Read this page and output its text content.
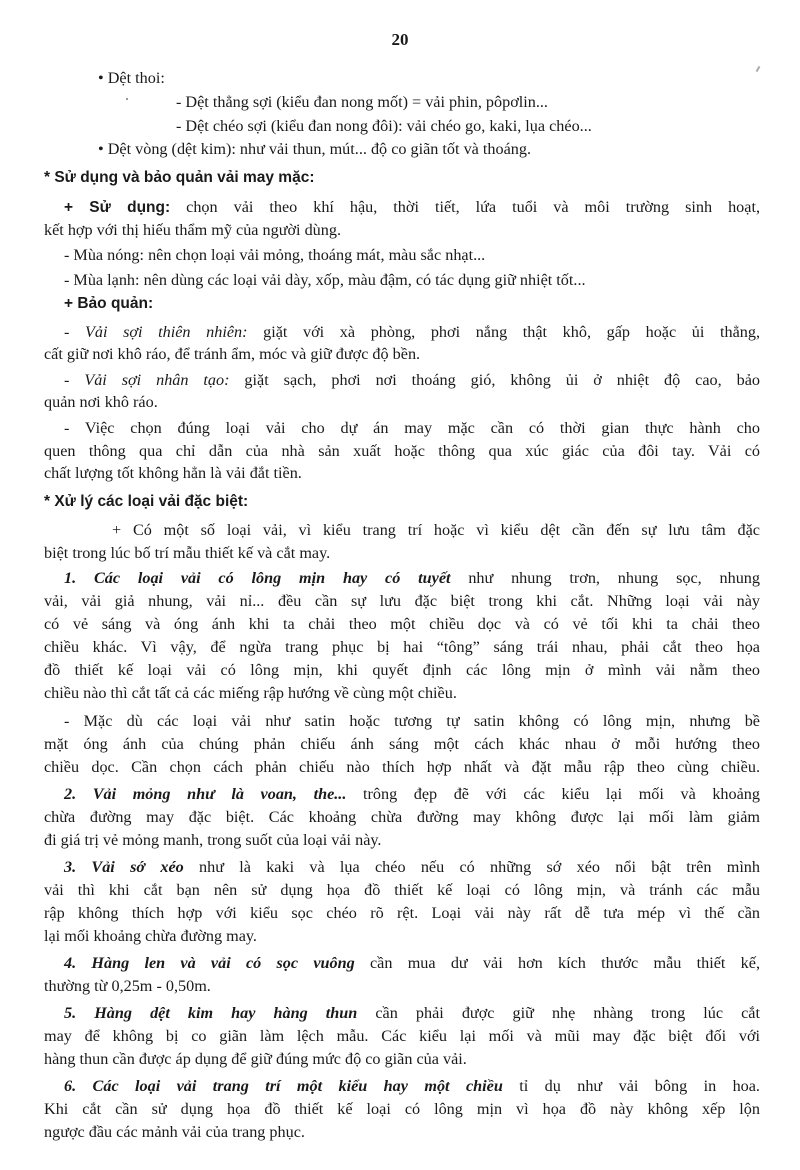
20
• Dệt thoi:
- Dệt thẳng sợi (kiểu đan nong mốt) = vải phin, pôpơlin...
- Dệt chéo sợi (kiểu đan nong đôi): vải chéo go, kaki, lụa chéo...
• Dệt vòng (dệt kim): như vải thun, mút... độ co giãn tốt và thoáng.
* Sử dụng và bảo quản vải may mặc:
+ Sử dụng: chọn vải theo khí hậu, thời tiết, lứa tuổi và môi trường sinh hoạt,
kết hợp với thị hiếu thẩm mỹ của người dùng.
- Mùa nóng: nên chọn loại vải mỏng, thoáng mát, màu sắc nhạt...
- Mùa lạnh: nên dùng các loại vải dày, xốp, màu đậm, có tác dụng giữ nhiệt tốt...
+ Bảo quản:
- Vải sợi thiên nhiên: giặt với xà phòng, phơi nắng thật khô, gấp hoặc ủi thẳng,
cất giữ nơi khô ráo, để tránh ẩm, móc và giữ được độ bền.
- Vải sợi nhân tạo: giặt sạch, phơi nơi thoáng gió, không ủi ở nhiệt độ cao, bảo
quản nơi khô ráo.
- Việc chọn đúng loại vải cho dự án may mặc cần có thời gian thực hành cho
quen thông qua chỉ dẫn của nhà sản xuất hoặc thông qua xúc giác của đôi tay. Vải có
chất lượng tốt không hẳn là vải đắt tiền.
* Xử lý các loại vải đặc biệt:
+ Có một số loại vải, vì kiểu trang trí hoặc vì kiểu dệt cần đến sự lưu tâm đặc
biệt trong lúc bố trí mẫu thiết kế và cắt may.
1. Các loại vải có lông mịn hay có tuyết như nhung trơn, nhung sọc, nhung
vải, vải giả nhung, vải nỉ... đều cần sự lưu đặc biệt trong khi cắt. Những loại vải này
có vẻ sáng và óng ánh khi ta chải theo một chiều dọc và có vẻ tối khi ta chải theo
chiều khác. Vì vậy, để ngừa trang phục bị hai “tông” sáng trái nhau, phải cắt theo họa
đồ thiết kế loại vải có lông mịn, khi quyết định các lông mịn ở mình vải nằm theo
chiều nào thì cắt tất cả các miếng rập hướng về cùng một chiều.
- Mặc dù các loại vải như satin hoặc tương tự satin không có lông mịn, nhưng bề
mặt óng ánh của chúng phản chiếu ánh sáng một cách khác nhau ở mỗi hướng theo
chiều dọc. Cần chọn cách phản chiếu nào thích hợp nhất và đặt mẫu rập theo cùng chiều.
2. Vải mỏng như là voan, the... trông đẹp đẽ với các kiểu lại mối và khoảng
chừa đường may đặc biệt. Các khoảng chừa đường may không được lại mối làm giảm
đi giá trị vẻ mỏng manh, trong suốt của loại vải này.
3. Vải sớ xéo như là kaki và lụa chéo nếu có những sớ xéo nổi bật trên mình
vải thì khi cắt bạn nên sử dụng họa đồ thiết kế loại có lông mịn, và tránh các mẫu
rập không thích hợp với kiểu sọc chéo rõ rệt. Loại vải này rất dễ tưa mép vì thế cần
lại mối khoảng chừa đường may.
4. Hàng len và vải có sọc vuông cần mua dư vải hơn kích thước mẫu thiết kế,
thường từ 0,25m - 0,50m.
5. Hàng dệt kim hay hàng thun cần phải được giữ nhẹ nhàng trong lúc cắt
may để không bị co giãn làm lệch mẫu. Các kiểu lại mối và mũi may đặc biệt đối với
hàng thun cần được áp dụng để giữ đúng mức độ co giãn của vải.
6. Các loại vải trang trí một kiểu hay một chiều tỉ dụ như vải bông in hoa.
Khi cắt cần sử dụng họa đồ thiết kế loại có lông mịn vì họa đồ này không xếp lộn
ngược đầu các mảnh vải của trang phục.
